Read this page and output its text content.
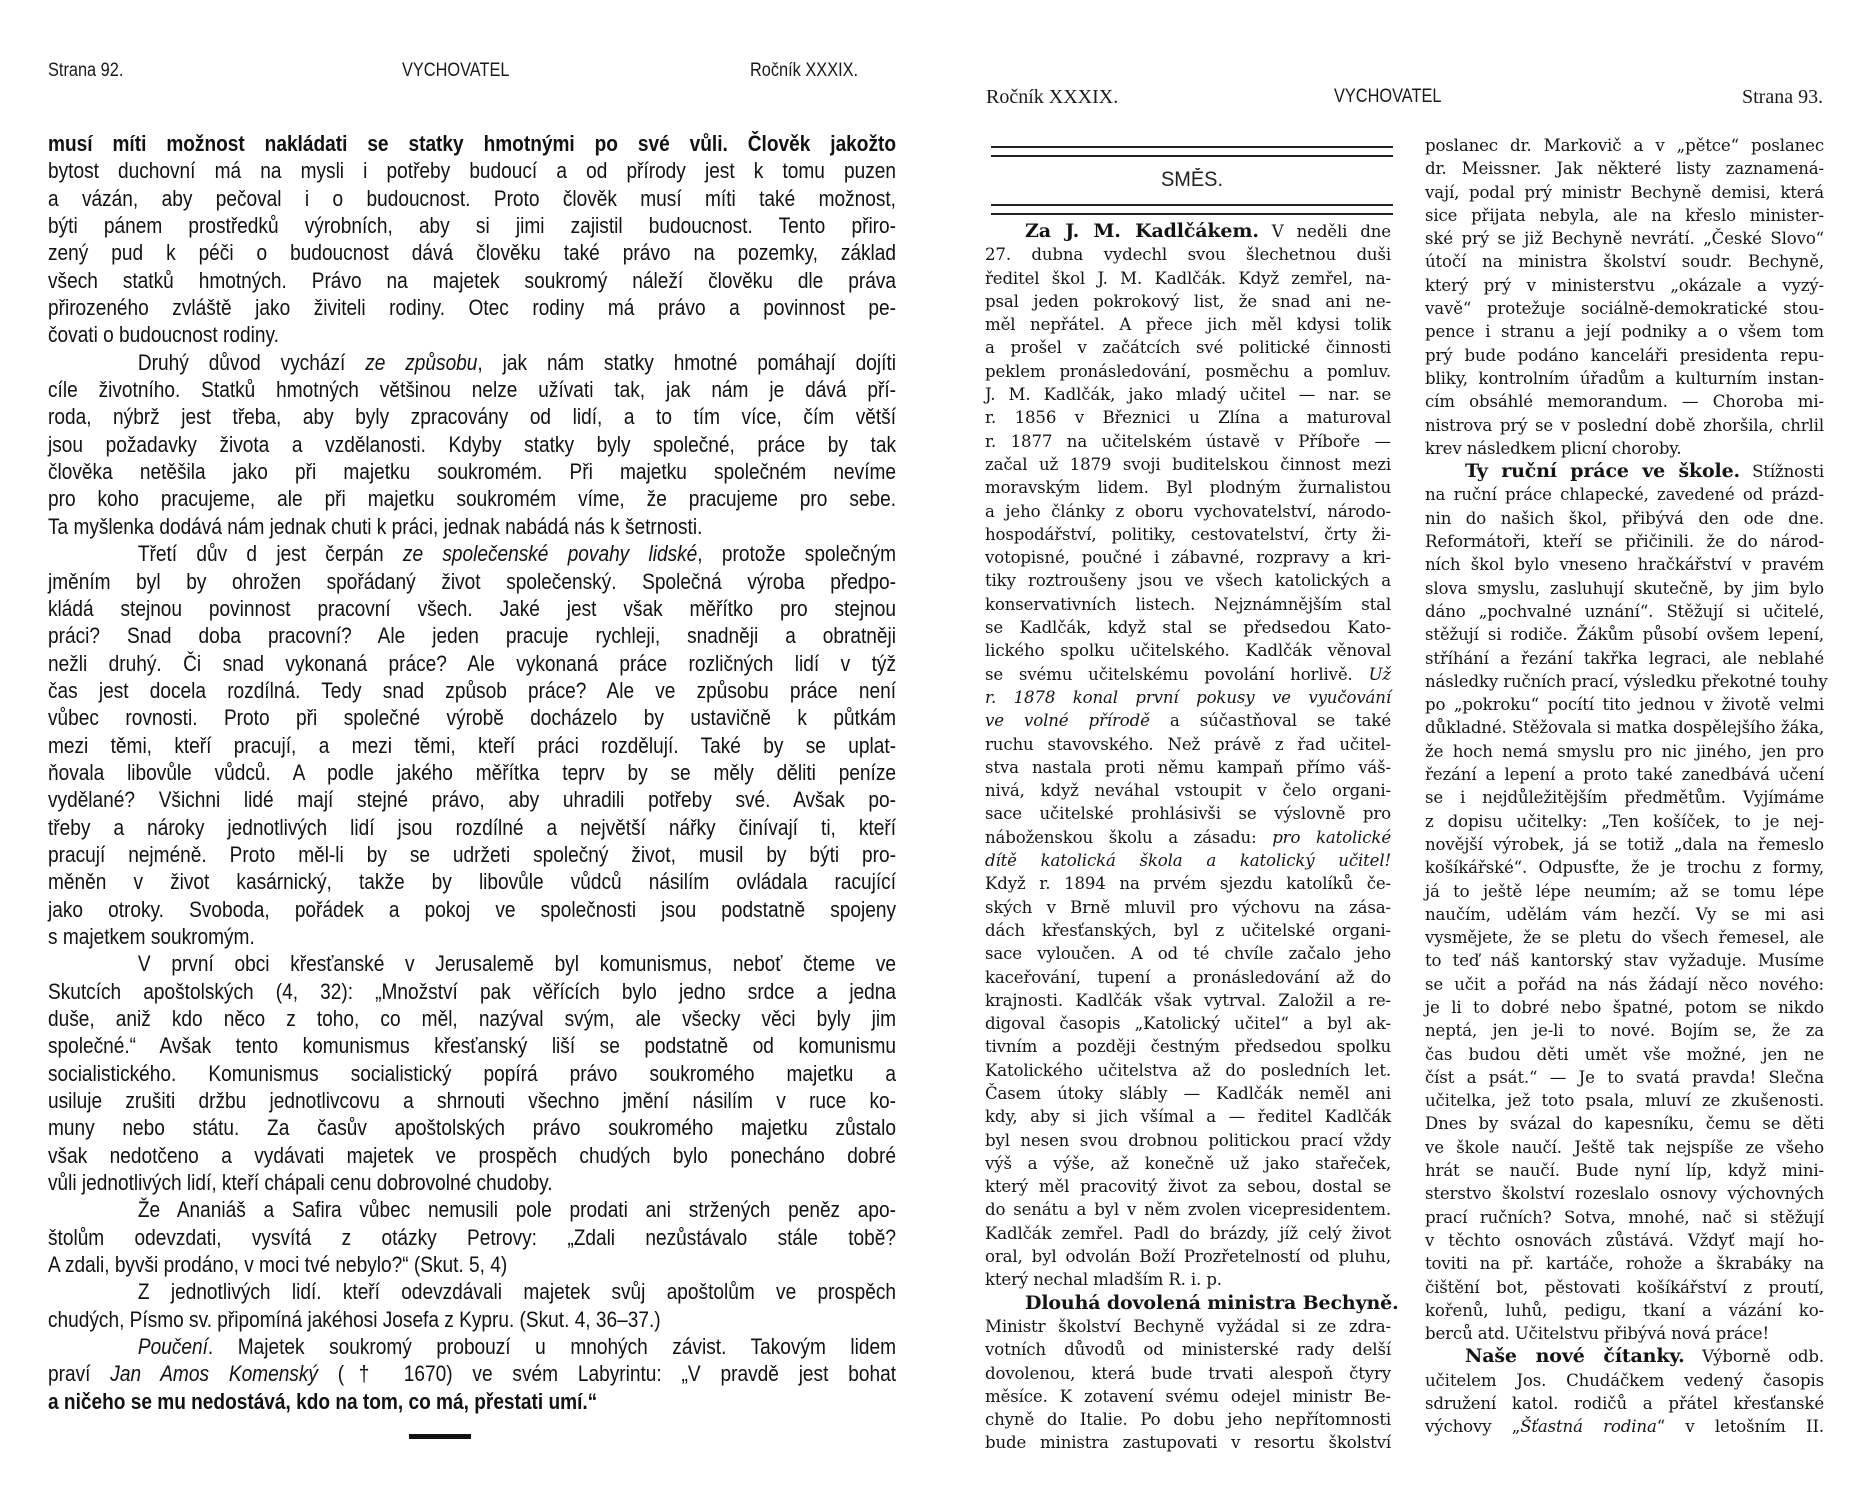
Strana 92.	VYCHOVATEL	Ročník XXXIX.
musí míti možnost nakládati se statky hmotnými po své vůli. Člověk jakožto
bytost duchovní má na mysli i potřeby budoucí a od přírody jest k tomu puzen
a vázán, aby pečoval i o budoucnost. Proto člověk musí míti také možnost,
býti pánem prostředků výrobních, aby si jimi zajistil budoucnost. Tento přiro-
zený pud k péči o budoucnost dává člověku také právo na pozemky, základ
všech statků hmotných. Právo na majetek soukromý náleží člověku dle práva
přirozeného zvláště jako živiteli rodiny. Otec rodiny má právo a povinnost pe-
čovati o budoucnost rodiny.
Druhý důvod vychází ze způsobu, jak nám statky hmotné pomáhají dojíti
cíle životního. Statků hmotných většinou nelze užívati tak, jak nám je dává pří-
roda, nýbrž jest třeba, aby byly zpracovány od lidí, a to tím více, čím větší
jsou požadavky života a vzdělanosti. Kdyby statky byly společné, práce by tak
člověka netěšila jako při majetku soukromém. Při majetku společném nevíme
pro koho pracujeme, ale při majetku soukromém víme, že pracujeme pro sebe.
Ta myšlenka dodává nám jednak chuti k práci, jednak nabádá nás k šetrnosti.
Třetí dův d jest čerpán ze společenské povahy lidské, protože společným
jměním byl by ohrožen spořádaný život společenský. Společná výroba předpo-
kládá stejnou povinnost pracovní všech. Jaké jest však měřítko pro stejnou
práci? Snad doba pracovní? Ale jeden pracuje rychleji, snadněji a obratněji
nežli druhý. Či snad vykonaná práce? Ale vykonaná práce rozličných lidí v týž
čas jest docela rozdílná. Tedy snad způsob práce? Ale ve způsobu práce není
vůbec rovnosti. Proto při společné výrobě docházelo by ustavičně k půtkám
mezi těmi, kteří pracují, a mezi těmi, kteří práci rozdělují. Také by se uplat-
ňovala libovůle vůdců. A podle jakého měřítka teprv by se měly děliti peníze
vydělané? Všichni lidé mají stejné právo, aby uhradili potřeby své. Avšak po-
třeby a nároky jednotlivých lidí jsou rozdílné a největší nářky činívají ti, kteří
pracují nejméně. Proto měl-li by se udržeti společný život, musil by býti pro-
měněn v život kasárnický, takže by libovůle vůdců násilím ovládala racující
jako otroky. Svoboda, pořádek a pokoj ve společnosti jsou podstatně spojeny
s majetkem soukromým.
V první obci křesťanské v Jerusalemě byl komunismus, neboť čteme ve
Skutcích apoštolských (4, 32): „Množství pak věřících bylo jedno srdce a jedna
duše, aniž kdo něco z toho, co měl, nazýval svým, ale všecky věci byly jim
společné.“ Avšak tento komunismus křesťanský liší se podstatně od komunismu
socialistického. Komunismus socialistický popírá právo soukromého majetku a
usiluje zrušiti držbu jednotlivcovu a shrnouti všechno jmění násilím v ruce ko-
muny nebo státu. Za časův apoštolských právo soukromého majetku zůstalo
však nedotčeno a vydávati majetek ve prospěch chudých bylo ponecháno dobré
vůli jednotlivých lidí, kteří chápali cenu dobrovolné chudoby.
Že Ananiáš a Safira vůbec nemusili pole prodati ani stržených peněz apo-
štolům odevzdati, vysvítá z otázky Petrovy: „Zdali nezůstávalo stále tobě?
A zdali, byvši prodáno, v moci tvé nebylo?“ (Skut. 5, 4)
Z jednotlivých lidí. kteří odevzdávali majetek svůj apoštolům ve prospěch
chudých, Písmo sv. připomíná jakéhosi Josefa z Kypru. (Skut. 4, 36–37.)
Poučení. Majetek soukromý probouzí u mnohých závist. Takovým lidem
praví Jan Amos Komenský († 1670) ve svém Labyrintu: „V pravdě jest bohat
a ničeho se mu nedostává, kdo na tom, co má, přestati umí.“
Ročník XXXIX.	VYCHOVATEL	Strana 93.
SMĚS.
Za J. M. Kadlčákem. V neděli dne
27. dubna vydechl svou šlechetnou duši
ředitel škol J. M. Kadlčák. Když zemřel, na-
psal jeden pokrokový list, že snad ani ne-
měl nepřátel. A přece jich měl kdysi tolik
a prošel v začátcích své politické činnosti
peklem pronásledování, posměchu a pomluv.
J. M. Kadlčák, jako mladý učitel — nar. se
r. 1856 v Březnici u Zlína a maturoval
r. 1877 na učitelském ústavě v Příboře —
začal už 1879 svoji buditelskou činnost mezi
moravským lidem. Byl plodným žurnalistou
a jeho články z oboru vychovatelství, národo-
hospodářství, politiky, cestovatelství, črty ži-
votopisné, poučné i zábavné, rozpravy a kri-
tiky roztroušeny jsou ve všech katolických a
konservativních listech. Nejznámnějším stal
se Kadlčák, když stal se předsedou Kato-
lického spolku učitelského. Kadlčák věnoval
se svému učitelskému povolání horlivě. Už
r. 1878 konal první pokusy ve vyučování
ve volné přírodě a súčastňoval se také
ruchu stavovského. Než právě z řad učitel-
stva nastala proti němu kampaň přímo váš-
nivá, když neváhal vstoupit v čelo organi-
sace učitelské prohlásivši se výslovně pro
náboženskou školu a zásadu: pro katolické
dítě katolická škola a katolický učitel!
Když r. 1894 na prvém sjezdu katolíků če-
ských v Brně mluvil pro výchovu na zása-
dách křesťanských, byl z učitelské organi-
sace vyloučen. A od té chvíle začalo jeho
kaceřování, tupení a pronásledování až do
krajnosti. Kadlčák však vytrval. Založil a re-
digoval časopis „Katolický učitel“ a byl ak-
tivním a později čestným předsedou spolku
Katolického učitelstva až do posledních let.
Časem útoky slábly — Kadlčák neměl ani
kdy, aby si jich všímal a — ředitel Kadlčák
byl nesen svou drobnou politickou prací vždy
výš a výše, až konečně už jako stařeček,
který měl pracovitý život za sebou, dostal se
do senátu a byl v něm zvolen vicepresidentem.
Kadlčák zemřel. Padl do brázdy, jíž celý život
oral, byl odvolán Boží Prozřetelností od pluhu,
který nechal mladším R. i. p.
Dlouhá dovolená ministra Bechyně.
Ministr školství Bechyně vyžádal si ze zdra-
votních důvodů od ministerské rady delší
dovolenou, která bude trvati alespoň čtyry
měsíce. K zotavení svému odejel ministr Be-
chyně do Italie. Po dobu jeho nepřítomnosti
bude ministra zastupovati v resortu školství
poslanec dr. Markovič a v „pětce“ poslanec
dr. Meissner. Jak některé listy zaznamená-
vají, podal prý ministr Bechyně demisi, která
sice přijata nebyla, ale na křeslo minister-
ské prý se již Bechyně nevrátí. „České Slovo“
útočí na ministra školství soudr. Bechyně,
který prý v ministerstvu „okázale a vyzý-
vavě“ protežuje sociálně-demokratické stou-
pence i stranu a její podniky a o všem tom
prý bude podáno kanceláři presidenta repu-
bliky, kontrolním úřadům a kulturním instan-
cím obsáhlé memorandum. — Choroba mi-
nistrova prý se v poslední době zhoršila, chrlil
krev následkem plicní choroby.
Ty ruční práce ve škole. Stížnosti
na ruční práce chlapecké, zavedené od prázd-
nin do našich škol, přibývá den ode dne.
Reformátoři, kteří se přičinili. že do národ-
ních škol bylo vneseno hračkářství v pravém
slova smyslu, zasluhují skutečně, by jim bylo
dáno „pochvalné uznání“. Stěžují si učitelé,
stěžují si rodiče. Žákům působí ovšem lepení,
stříhání a řezání takřka legraci, ale neblahé
následky ručních prací, výsledku překotné touhy
po „pokroku“ pocítí tito jednou v životě velmi
důkladné. Stěžovala si matka dospělejšího žáka,
že hoch nemá smyslu pro nic jiného, jen pro
řezání a lepení a proto také zanedbává učení
se i nejdůležitějším předmětům. Vyjímáme
z dopisu učitelky: „Ten košíček, to je nej-
novější výrobek, já se totiž „dala na řemeslo
košíkářské“. Odpusťte, že je trochu z formy,
já to ještě lépe neumím; až se tomu lépe
naučím, udělám vám hezčí. Vy se mi asi
vysmějete, že se pletu do všech řemesel, ale
to teď náš kantorský stav vyžaduje. Musíme
se učit a pořád na nás žádají něco nového:
je li to dobré nebo špatné, potom se nikdo
neptá, jen je-li to nové. Bojím se, že za
čas budou děti umět vše možné, jen ne
číst a psát.“ — Je to svatá pravda! Slečna
učitelka, jež toto psala, mluví ze zkušenosti.
Dnes by svázal do kapesníku, čemu se děti
ve škole naučí. Ještě tak nejspíše ze všeho
hrát se naučí. Bude nyní líp, když mini-
sterstvo školství rozeslalo osnovy výchovných
prací ručních? Sotva, mnohé, nač si stěžují
v těchto osnovách zůstává. Vždyť mají ho-
toviti na př. kartáče, rohože a škrabáky na
čištění bot, pěstovati košíkářství z proutí,
kořenů, luhů, pedigu, tkaní a vázání ko-
berců atd. Učitelstvu přibývá nová práce!
Naše nové čítanky. Výborně odb.
učitelem Jos. Chudáčkem vedený časopis
sdružení katol. rodičů a přátel křesťanské
výchovy „Šťastná rodina“ v letošním II.
